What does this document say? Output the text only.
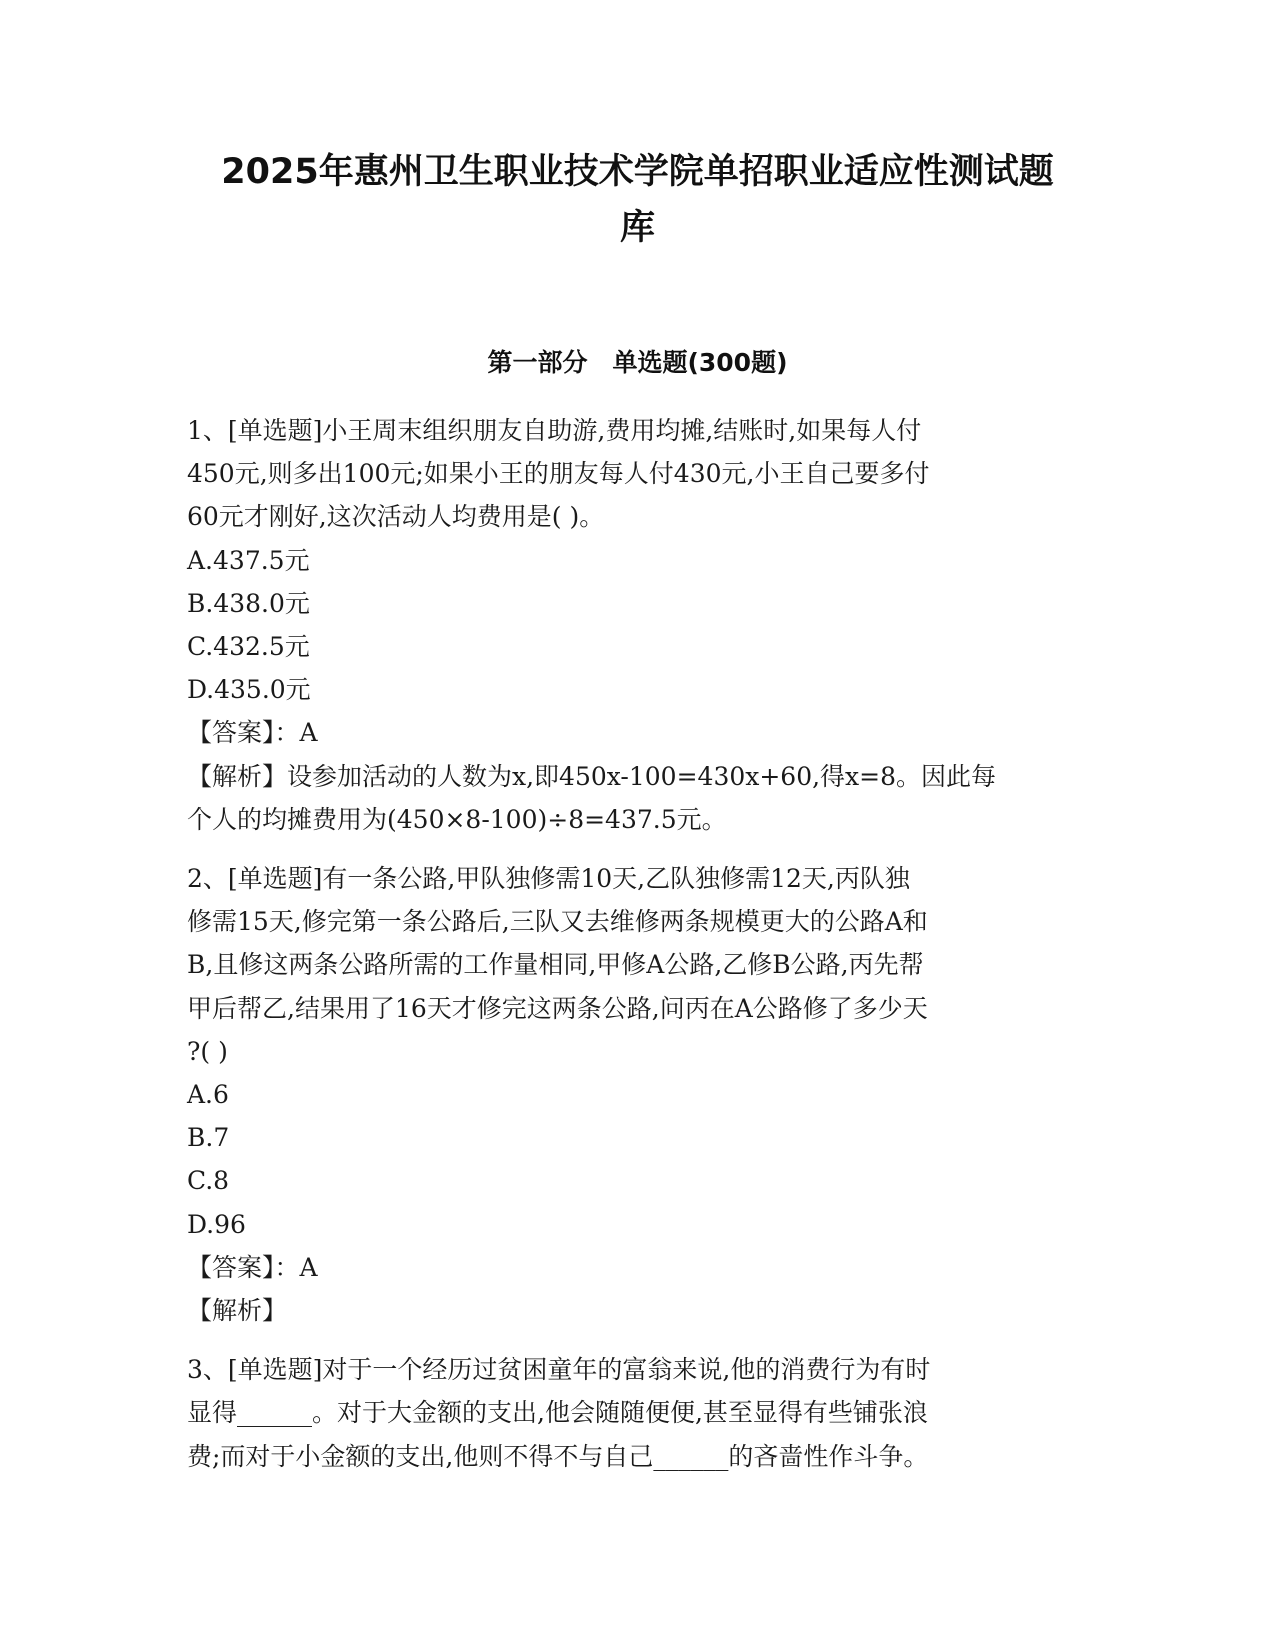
2025年惠州卫生职业技术学院单招职业适应性测试题
库
第一部分　单选题(300题)
1、[单选题]小王周末组织朋友自助游,费用均摊,结账时,如果每人付
450元,则多出100元;如果小王的朋友每人付430元,小王自己要多付
60元才刚好,这次活动人均费用是( )。
A.437.5元
B.438.0元
C.432.5元
D.435.0元
【答案】：A
【解析】设参加活动的人数为x,即450x-100=430x+60,得x=8。因此每
个人的均摊费用为(450×8-100)÷8=437.5元。
2、[单选题]有一条公路,甲队独修需10天,乙队独修需12天,丙队独
修需15天,修完第一条公路后,三队又去维修两条规模更大的公路A和
B,且修这两条公路所需的工作量相同,甲修A公路,乙修B公路,丙先帮
甲后帮乙,结果用了16天才修完这两条公路,问丙在A公路修了多少天
?( )
A.6
B.7
C.8
D.96
【答案】：A
【解析】
3、[单选题]对于一个经历过贫困童年的富翁来说,他的消费行为有时
显得______。对于大金额的支出,他会随随便便,甚至显得有些铺张浪
费;而对于小金额的支出,他则不得不与自己______的吝啬性作斗争。
